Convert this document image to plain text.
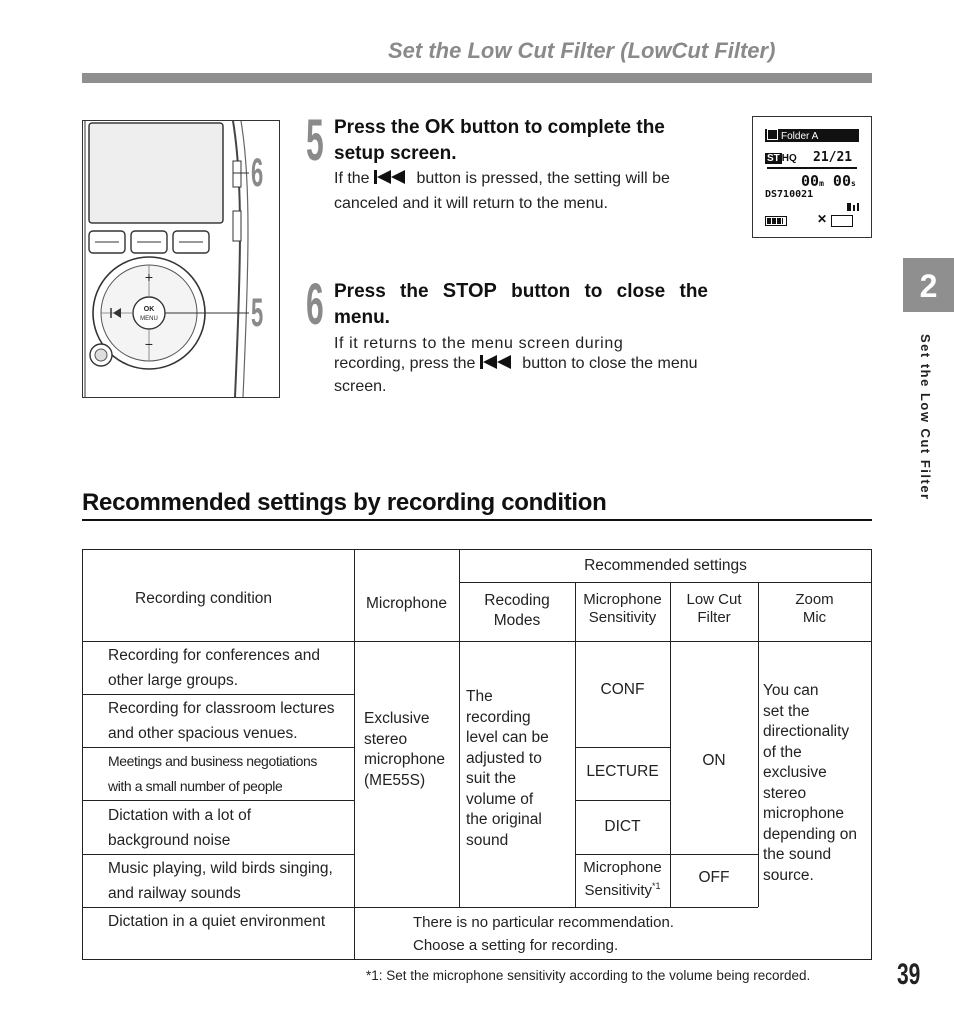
Set the Low Cut Filter (LowCut Filter)
+
−
OK
MENU
6
5
5 Press the OK button to complete the setup screen.
If the  button is pressed, the setting will be canceled and it will return to the menu.
Folder A
ST HQ 21/21
00m 00s
DS710021
✕
6 Press the STOP button to close the menu.
If it returns to the menu screen during
recording, press the  button to close the menu screen.
2
Set the Low Cut Filter
Recommended settings by recording condition
Recording condition
Recommended settings
Microphone	Recoding
Modes
Microphone
Sensitivity
Low Cut
Filter
Zoom
Mic
Recording for conferences and
other large groups.
Recording for classroom lectures
and other spacious venues.
Meetings and business negotiations
with a small number of people
Dictation with a lot of
background noise
Music playing, wild birds singing,
and railway sounds
Dictation in a quiet environment
Exclusive
stereo
microphone
(ME55S)
The
recording
level can be
adjusted to
suit the
volume of
the original
sound
CONF
LECTURE
DICT
Microphone
Sensitivity$^{*1}$
ON
OFF
You can
set the
directionality
of the
exclusive
stereo
microphone
depending on
the sound
source.
There is no particular recommendation.
Choose a setting for recording.
*1: Set the microphone sensitivity according to the volume being recorded.	39
